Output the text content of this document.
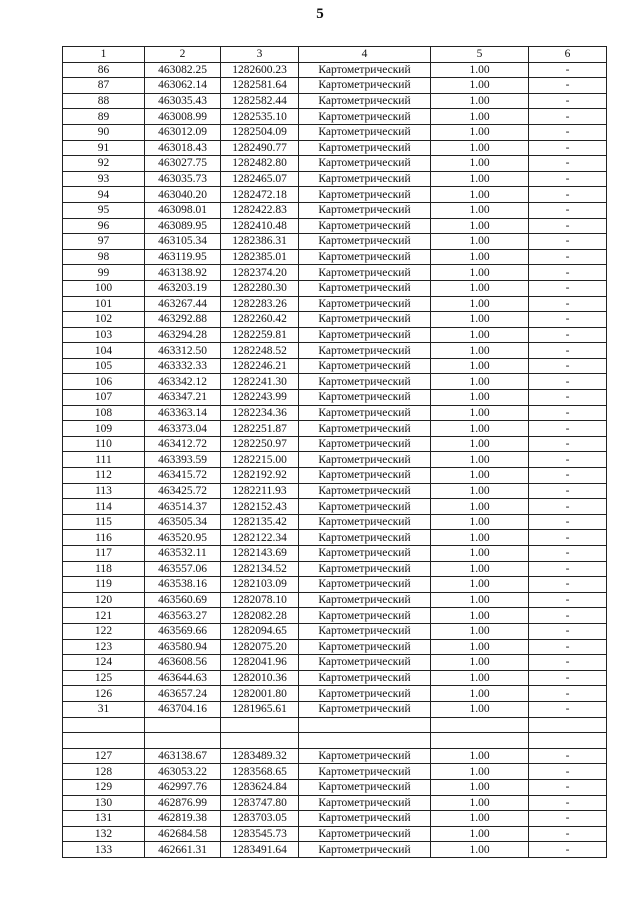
5
1	2	3	4	5	6
86	463082.25	1282600.23	Картометрический	1.00	-
87	463062.14	1282581.64	Картометрический	1.00	-
88	463035.43	1282582.44	Картометрический	1.00	-
89	463008.99	1282535.10	Картометрический	1.00	-
90	463012.09	1282504.09	Картометрический	1.00	-
91	463018.43	1282490.77	Картометрический	1.00	-
92	463027.75	1282482.80	Картометрический	1.00	-
93	463035.73	1282465.07	Картометрический	1.00	-
94	463040.20	1282472.18	Картометрический	1.00	-
95	463098.01	1282422.83	Картометрический	1.00	-
96	463089.95	1282410.48	Картометрический	1.00	-
97	463105.34	1282386.31	Картометрический	1.00	-
98	463119.95	1282385.01	Картометрический	1.00	-
99	463138.92	1282374.20	Картометрический	1.00	-
100	463203.19	1282280.30	Картометрический	1.00	-
101	463267.44	1282283.26	Картометрический	1.00	-
102	463292.88	1282260.42	Картометрический	1.00	-
103	463294.28	1282259.81	Картометрический	1.00	-
104	463312.50	1282248.52	Картометрический	1.00	-
105	463332.33	1282246.21	Картометрический	1.00	-
106	463342.12	1282241.30	Картометрический	1.00	-
107	463347.21	1282243.99	Картометрический	1.00	-
108	463363.14	1282234.36	Картометрический	1.00	-
109	463373.04	1282251.87	Картометрический	1.00	-
110	463412.72	1282250.97	Картометрический	1.00	-
111	463393.59	1282215.00	Картометрический	1.00	-
112	463415.72	1282192.92	Картометрический	1.00	-
113	463425.72	1282211.93	Картометрический	1.00	-
114	463514.37	1282152.43	Картометрический	1.00	-
115	463505.34	1282135.42	Картометрический	1.00	-
116	463520.95	1282122.34	Картометрический	1.00	-
117	463532.11	1282143.69	Картометрический	1.00	-
118	463557.06	1282134.52	Картометрический	1.00	-
119	463538.16	1282103.09	Картометрический	1.00	-
120	463560.69	1282078.10	Картометрический	1.00	-
121	463563.27	1282082.28	Картометрический	1.00	-
122	463569.66	1282094.65	Картометрический	1.00	-
123	463580.94	1282075.20	Картометрический	1.00	-
124	463608.56	1282041.96	Картометрический	1.00	-
125	463644.63	1282010.36	Картометрический	1.00	-
126	463657.24	1282001.80	Картометрический	1.00	-
31	463704.16	1281965.61	Картометрический	1.00	-

127	463138.67	1283489.32	Картометрический	1.00	-
128	463053.22	1283568.65	Картометрический	1.00	-
129	462997.76	1283624.84	Картометрический	1.00	-
130	462876.99	1283747.80	Картометрический	1.00	-
131	462819.38	1283703.05	Картометрический	1.00	-
132	462684.58	1283545.73	Картометрический	1.00	-
133	462661.31	1283491.64	Картометрический	1.00	-
